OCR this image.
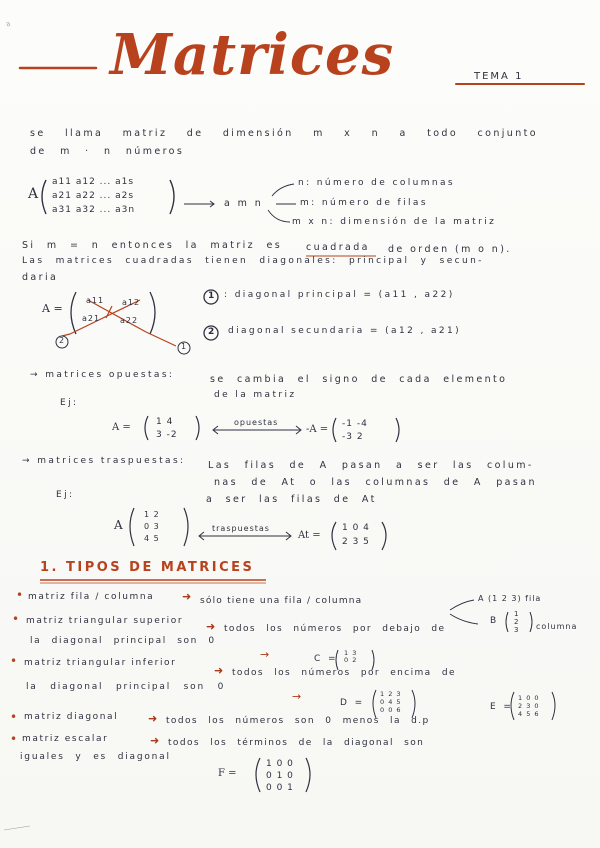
a Matrices	TEMA 1
se llama matriz de dimensión m x n a todo conjunto
de m · n números
A
a11 a12 ... a1s
a21 a22 ... a2s
a31 a32 ... a3n
a m n
n: número de columnas
m: número de filas
m x n: dimensión de la matriz
Si m = n entonces la matriz es	cuadrada de orden (m o n).
Las matrices cuadradas tienen diagonales: principal y secun-
daria
A =
a11 a12
a21 a22
2
1
1 : diagonal principal = (a11 , a22)
2 diagonal secundaria = (a12 , a21)
→ matrices opuestas:	se cambia el signo de cada elemento
de la matriz
Ej:
A =	1 4
3 -2
opuestas
-A = -1 -4
-3 2
→ matrices traspuestas: Las filas de A pasan a ser las colum-
nas de At o las columnas de A pasan
a ser las filas de At
Ej:
A
1 2
0 3
4 5
traspuestas
At =
1 0 4
2 3 5
1. TIPOS DE MATRICES
• matriz fila / columna	➜ sólo tiene una fila / columna	A (1 2 3) fila
B
1
2
3 columna
• matriz triangular superior ➜ todos los números por debajo de
la diagonal principal son 0
→	C =
1 3
0 2
• matriz triangular inferior
➜ todos los números por encima de
la diagonal principal son 0
→	D =
1 2 3
0 4 5
0 0 6	E =
1 0 0
2 3 0
4 5 6
• matriz diagonal	➜ todos los números son 0 menos la d.p
• matriz escalar	➜ todos los términos de la diagonal son
iguales y es diagonal
F =
1 0 0
0 1 0
0 0 1
